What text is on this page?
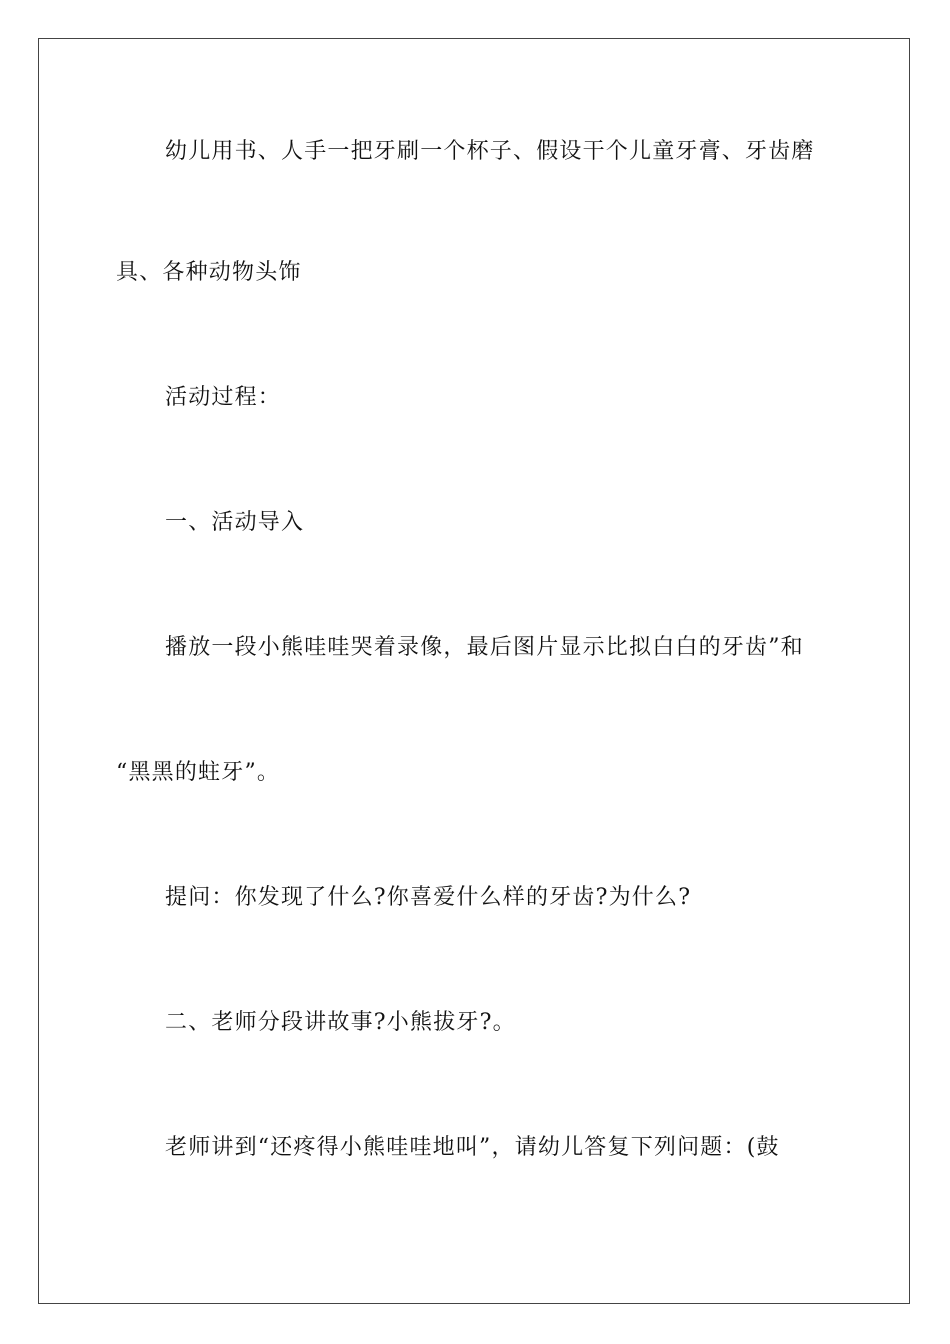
幼儿用书、人手一把牙刷一个杯子、假设干个儿童牙膏、牙齿磨
具、各种动物头饰
活动过程：
一、活动导入
播放一段小熊哇哇哭着录像，最后图片显示比拟白白的牙齿”和
“黑黑的蛀牙”。
提问：你发现了什么?你喜爱什么样的牙齿?为什么?
二、老师分段讲故事?小熊拔牙?。
老师讲到“还疼得小熊哇哇地叫”，请幼儿答复下列问题：(鼓
